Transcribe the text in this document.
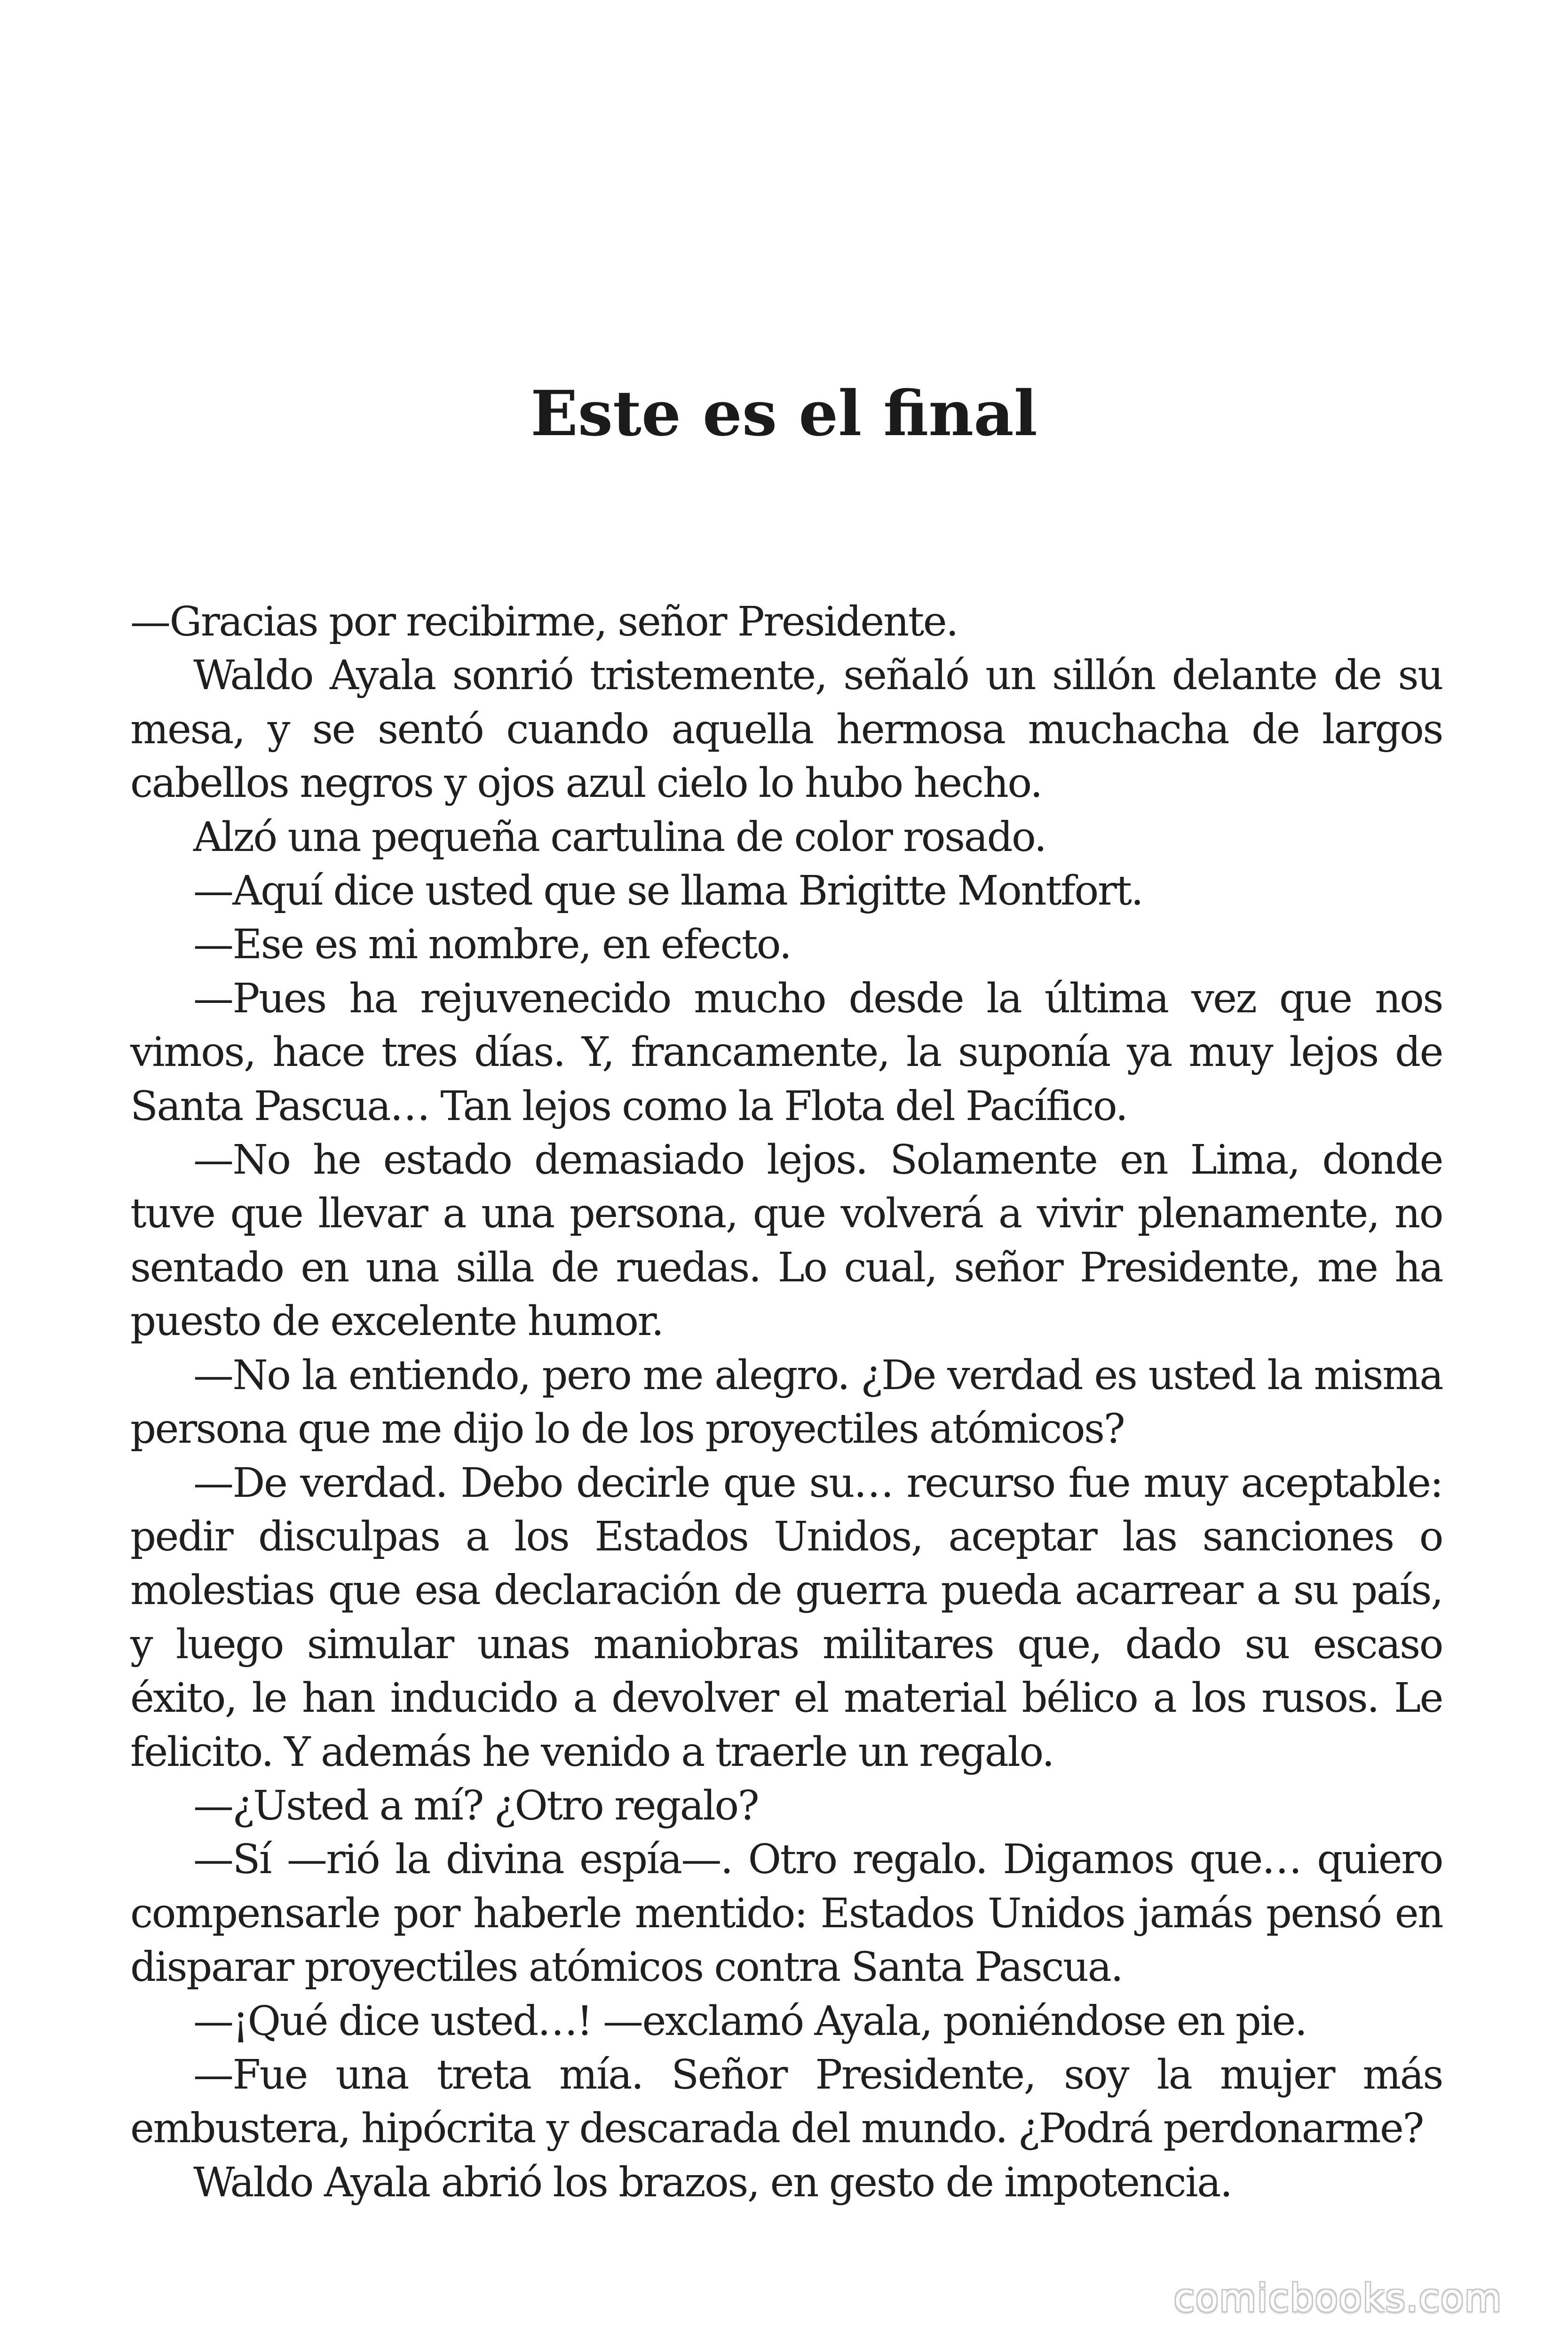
Este es el final

—Gracias por recibirme, señor Presidente.

Waldo Ayala sonrió tristemente, señaló un sillón delante de su mesa, y se sentó cuando aquella hermosa muchacha de largos cabellos negros y ojos azul cielo lo hubo hecho.

Alzó una pequeña cartulina de color rosado.

—Aquí dice usted que se llama Brigitte Montfort.

—Ese es mi nombre, en efecto.

—Pues ha rejuvenecido mucho desde la última vez que nos vimos, hace tres días. Y, francamente, la suponía ya muy lejos de Santa Pascua… Tan lejos como la Flota del Pacífico.

—No he estado demasiado lejos. Solamente en Lima, donde tuve que llevar a una persona, que volverá a vivir plenamente, no sentado en una silla de ruedas. Lo cual, señor Presidente, me ha puesto de excelente humor.

—No la entiendo, pero me alegro. ¿De verdad es usted la misma persona que me dijo lo de los proyectiles atómicos?

—De verdad. Debo decirle que su… recurso fue muy aceptable: pedir disculpas a los Estados Unidos, aceptar las sanciones o molestias que esa declaración de guerra pueda acarrear a su país, y luego simular unas maniobras militares que, dado su escaso éxito, le han inducido a devolver el material bélico a los rusos. Le felicito. Y además he venido a traerle un regalo.

—¿Usted a mí? ¿Otro regalo?

—Sí —rió la divina espía—. Otro regalo. Digamos que… quiero compensarle por haberle mentido: Estados Unidos jamás pensó en disparar proyectiles atómicos contra Santa Pascua.

—¡Qué dice usted…! —exclamó Ayala, poniéndose en pie.

—Fue una treta mía. Señor Presidente, soy la mujer más embustera, hipócrita y descarada del mundo. ¿Podrá perdonarme?

Waldo Ayala abrió los brazos, en gesto de impotencia.

comicbooks.com
